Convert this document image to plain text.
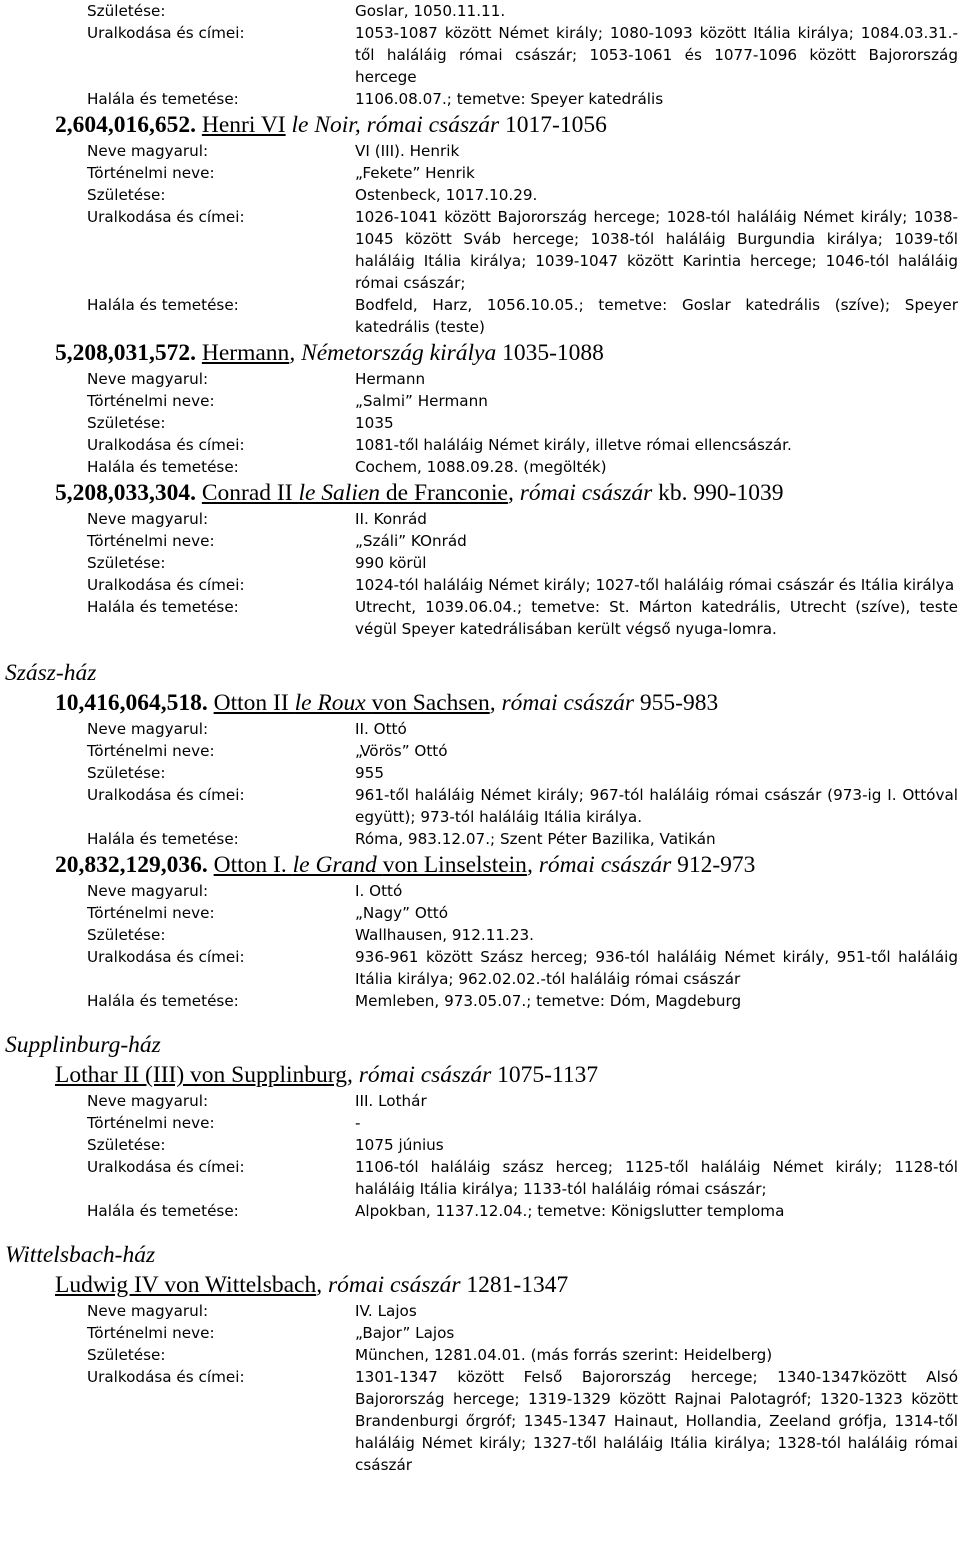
Születése:	Goslar, 1050.11.11.
Uralkodása és címei:	1053-1087 között Német király; 1080-1093 között Itália királya; 1084.03.31.-től haláláig római császár; 1053-1061 és 1077-1096 között Bajorország hercege
Halála és temetése:	1106.08.07.; temetve: Speyer katedrális
2,604,016,652. Henri VI le Noir, római császár 1017-1056
Neve magyarul:	VI (III). Henrik
Történelmi neve:	„Fekete” Henrik
Születése:	Ostenbeck, 1017.10.29.
Uralkodása és címei:	1026-1041 között Bajorország hercege; 1028-tól haláláig Német király; 1038-1045 között Sváb hercege; 1038-tól haláláig Burgundia királya; 1039-től haláláig Itália királya; 1039-1047 között Karintia hercege; 1046-tól haláláig római császár;
Halála és temetése:	Bodfeld, Harz, 1056.10.05.; temetve: Goslar katedrális (szíve); Speyer katedrális (teste)
5,208,031,572. Hermann, Németország királya 1035-1088
Neve magyarul:	Hermann
Történelmi neve:	„Salmi” Hermann
Születése:	1035
Uralkodása és címei:	1081-től haláláig Német király, illetve római ellencsászár.
Halála és temetése:	Cochem, 1088.09.28. (megölték)
5,208,033,304. Conrad II le Salien de Franconie, római császár kb. 990-1039
Neve magyarul:	II. Konrád
Történelmi neve:	„Száli” KOnrád
Születése:	990 körül
Uralkodása és címei:	1024-tól haláláig Német király; 1027-től haláláig római császár és Itália királya
Halála és temetése:	Utrecht, 1039.06.04.; temetve: St. Márton katedrális, Utrecht (szíve), teste végül Speyer katedrálisában került végső nyuga-lomra.
Szász-ház
10,416,064,518. Otton II le Roux von Sachsen, római császár 955-983
Neve magyarul:	II. Ottó
Történelmi neve:	„Vörös” Ottó
Születése:	955
Uralkodása és címei:	961-től haláláig Német király; 967-tól haláláig római császár (973-ig I. Ottóval együtt); 973-tól haláláig Itália királya.
Halála és temetése:	Róma, 983.12.07.; Szent Péter Bazilika, Vatikán
20,832,129,036. Otton I. le Grand von Linselstein, római császár 912-973
Neve magyarul:	I. Ottó
Történelmi neve:	„Nagy” Ottó
Születése:	Wallhausen, 912.11.23.
Uralkodása és címei:	936-961 között Szász herceg; 936-tól haláláig Német király, 951-től haláláig Itália királya; 962.02.02.-tól haláláig római császár
Halála és temetése:	Memleben, 973.05.07.; temetve: Dóm, Magdeburg
Supplinburg-ház
Lothar II (III) von Supplinburg, római császár 1075-1137
Neve magyarul:	III. Lothár
Történelmi neve:	-
Születése:	1075 június
Uralkodása és címei:	1106-tól haláláig szász herceg; 1125-től haláláig Német király; 1128-tól haláláig Itália királya; 1133-tól haláláig római császár;
Halála és temetése:	Alpokban, 1137.12.04.; temetve: Königslutter temploma
Wittelsbach-ház
Ludwig IV von Wittelsbach, római császár 1281-1347
Neve magyarul:	IV. Lajos
Történelmi neve:	„Bajor” Lajos
Születése:	München, 1281.04.01. (más forrás szerint: Heidelberg)
Uralkodása és címei:	1301-1347 között Felső Bajorország hercege; 1340-1347között Alsó Bajorország hercege; 1319-1329 között Rajnai Palotagróf; 1320-1323 között Brandenburgi őrgróf; 1345-1347 Hainaut, Hollandia, Zeeland grófja, 1314-től haláláig Német király; 1327-től haláláig Itália királya; 1328-tól haláláig római császár
